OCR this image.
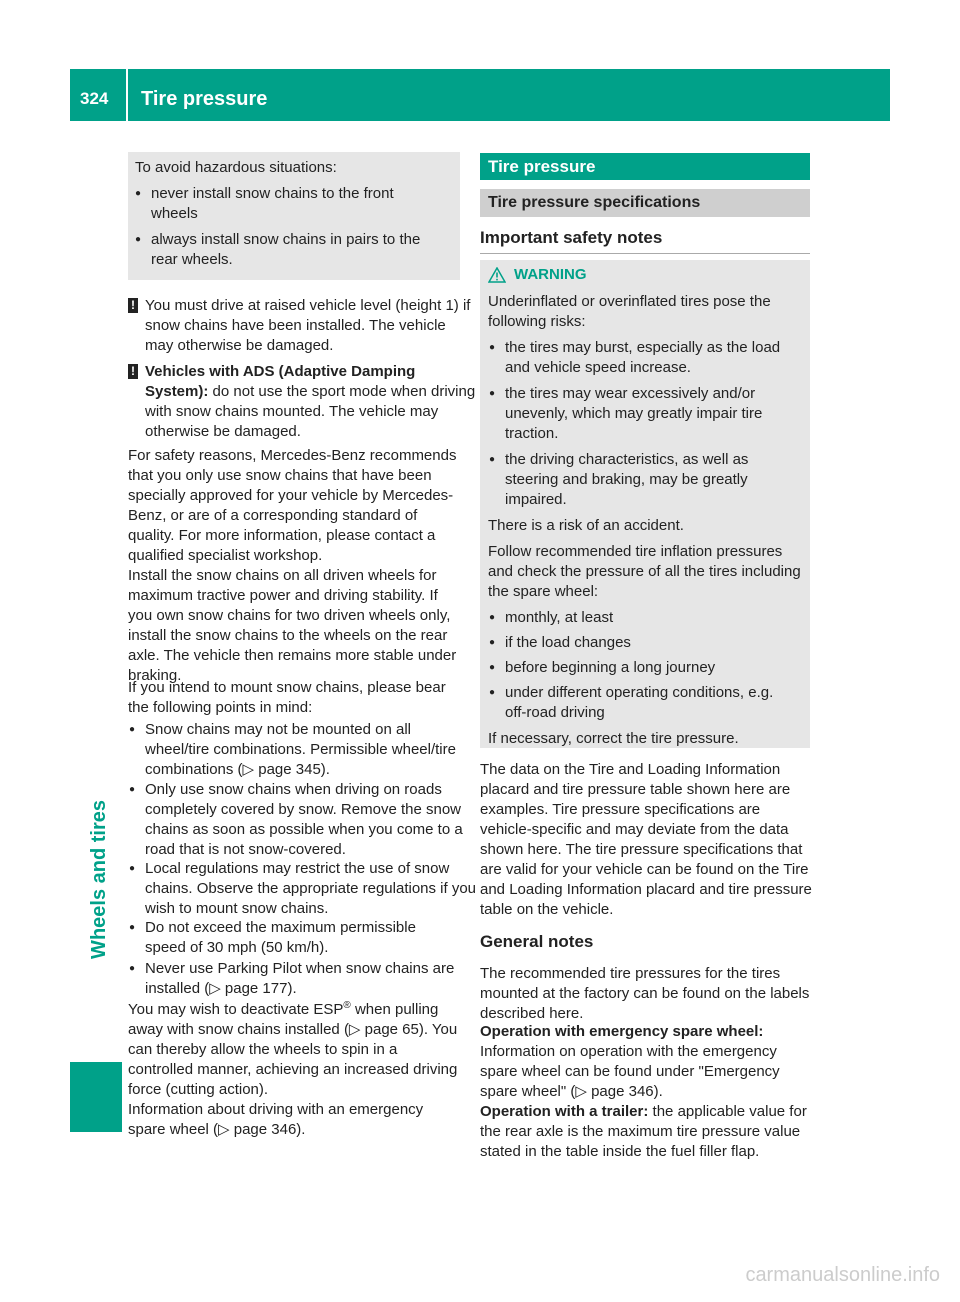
324 Tire pressure
Wheels and tires

To avoid hazardous situations:

● never install snow chains to the front wheels

● always install snow chains in pairs to the rear wheels.

! You must drive at raised vehicle level (height 1) if snow chains have been installed. The vehicle may otherwise be damaged.

! Vehicles with ADS (Adaptive Damping System): do not use the sport mode when driving with snow chains mounted. The vehicle may otherwise be damaged.

For safety reasons, Mercedes-Benz recommends that you only use snow chains that have been specially approved for your vehicle by Mercedes-Benz, or are of a corresponding standard of quality. For more information, please contact a qualified specialist workshop.

Install the snow chains on all driven wheels for maximum tractive power and driving stability. If you own snow chains for two driven wheels only, install the snow chains to the wheels on the rear axle. The vehicle then remains more stable under braking.

If you intend to mount snow chains, please bear the following points in mind:

● Snow chains may not be mounted on all wheel/tire combinations. Permissible wheel/tire combinations (▷ page 345).

● Only use snow chains when driving on roads completely covered by snow. Remove the snow chains as soon as possible when you come to a road that is not snow-covered.

● Local regulations may restrict the use of snow chains. Observe the appropriate regulations if you wish to mount snow chains.

● Do not exceed the maximum permissible speed of 30 mph (50 km/h).

● Never use Parking Pilot when snow chains are installed (▷ page 177).

You may wish to deactivate ESP® when pulling away with snow chains installed (▷ page 65). You can thereby allow the wheels to spin in a controlled manner, achieving an increased driving force (cutting action).

Information about driving with an emergency spare wheel (▷ page 346).

Tire pressure
Tire pressure specifications
Important safety notes
WARNING

Underinflated or overinflated tires pose the following risks:

● the tires may burst, especially as the load and vehicle speed increase.

● the tires may wear excessively and/or unevenly, which may greatly impair tire traction.

● the driving characteristics, as well as steering and braking, may be greatly impaired.

There is a risk of an accident.

Follow recommended tire inflation pressures and check the pressure of all the tires including the spare wheel:

● monthly, at least

● if the load changes

● before beginning a long journey

● under different operating conditions, e.g. off-road driving

If necessary, correct the tire pressure.

The data on the Tire and Loading Information placard and tire pressure table shown here are examples. Tire pressure specifications are vehicle-specific and may deviate from the data shown here. The tire pressure specifications that are valid for your vehicle can be found on the Tire and Loading Information placard and tire pressure table on the vehicle.

General notes

The recommended tire pressures for the tires mounted at the factory can be found on the labels described here.

Operation with emergency spare wheel:
Information on operation with the emergency spare wheel can be found under "Emergency spare wheel" (▷ page 346).

Operation with a trailer: the applicable value for the rear axle is the maximum tire pressure value stated in the table inside the fuel filler flap.

carmanualsonline.info
